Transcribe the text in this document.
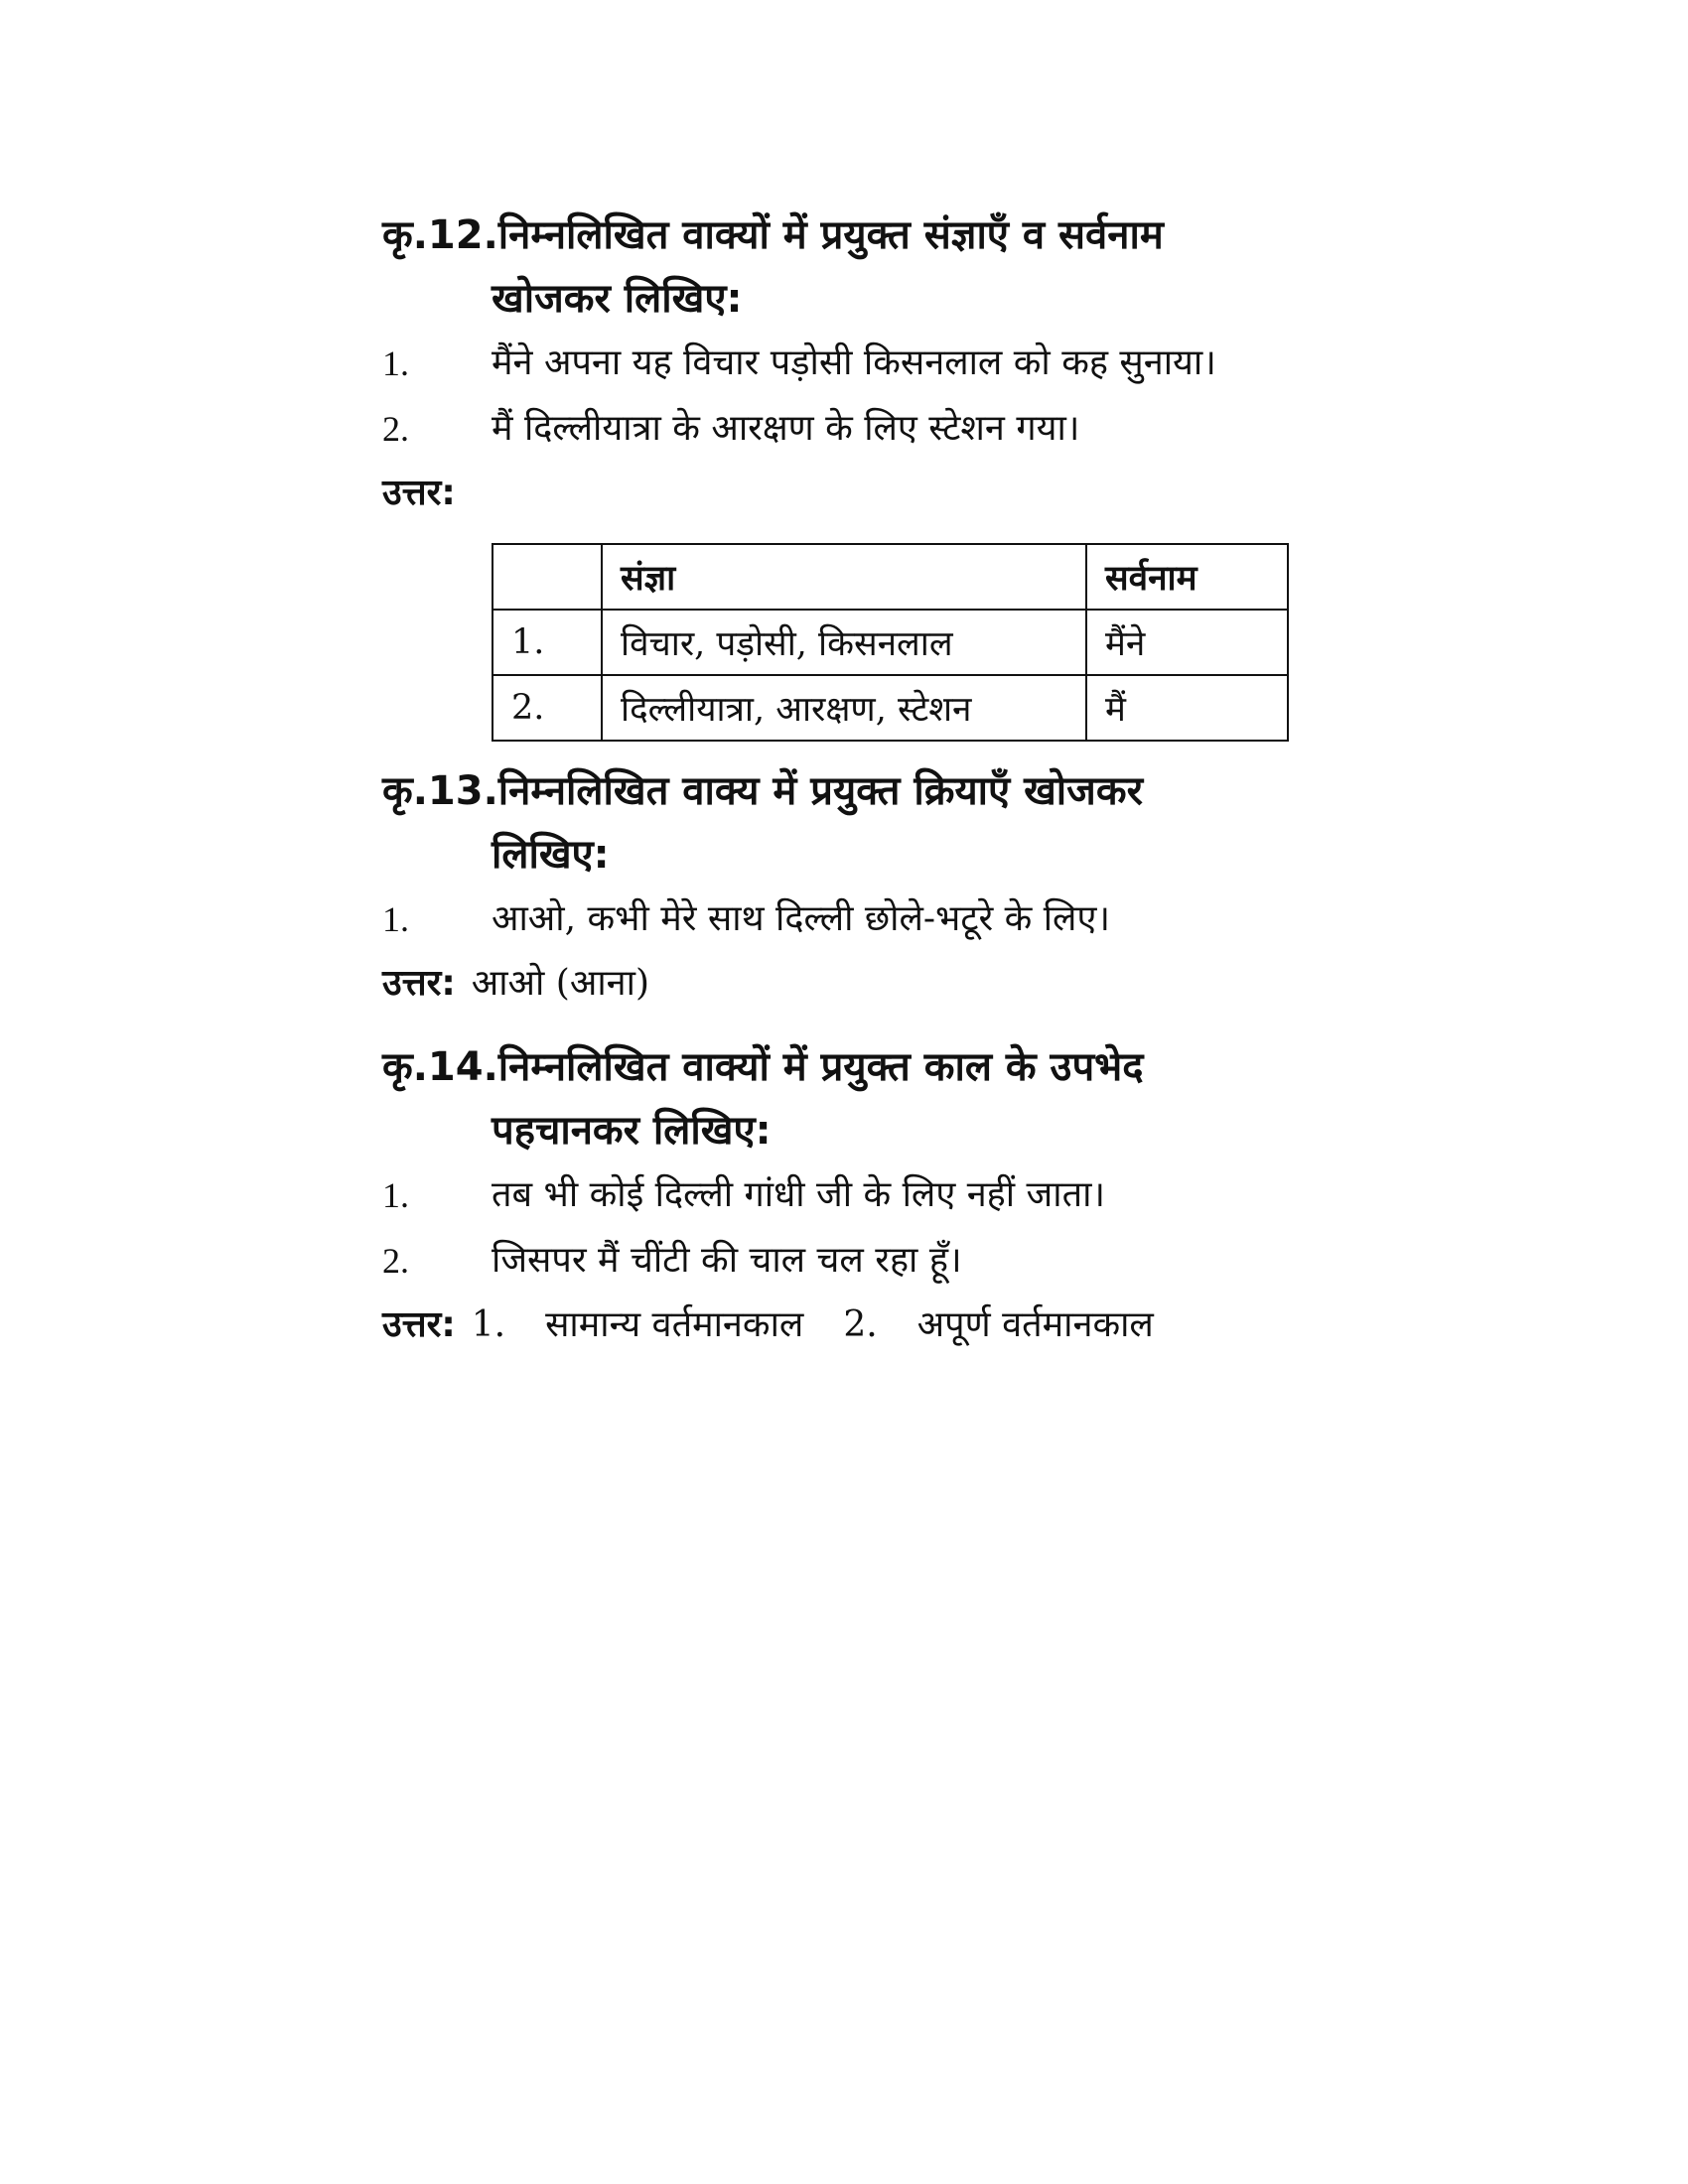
कृ.12. निम्नलिखित वाक्यों में प्रयुक्त संज्ञाएँ व सर्वनाम
खोजकर लिखिए:
1.	मैंने अपना यह विचार पड़ोसी किसनलाल को कह सुनाया।
2.	मैं दिल्लीयात्रा के आरक्षण के लिए स्टेशन गया।
उत्तर:
	संज्ञा	सर्वनाम
1.	विचार, पड़ोसी, किसनलाल	मैंने
2.	दिल्लीयात्रा, आरक्षण, स्टेशन	मैं
कृ.13. निम्नलिखित वाक्य में प्रयुक्त क्रियाएँ खोजकर
लिखिए:
1.	आओ, कभी मेरे साथ दिल्ली छोले-भटूरे के लिए।
उत्तर: आओ (आना)
कृ.14. निम्नलिखित वाक्यों में प्रयुक्त काल के उपभेद
पहचानकर लिखिए:
1.	तब भी कोई दिल्ली गांधी जी के लिए नहीं जाता।
2.	जिसपर मैं चींटी की चाल चल रहा हूँ।
उत्तर: 1. सामान्य वर्तमानकाल 2. अपूर्ण वर्तमानकाल
